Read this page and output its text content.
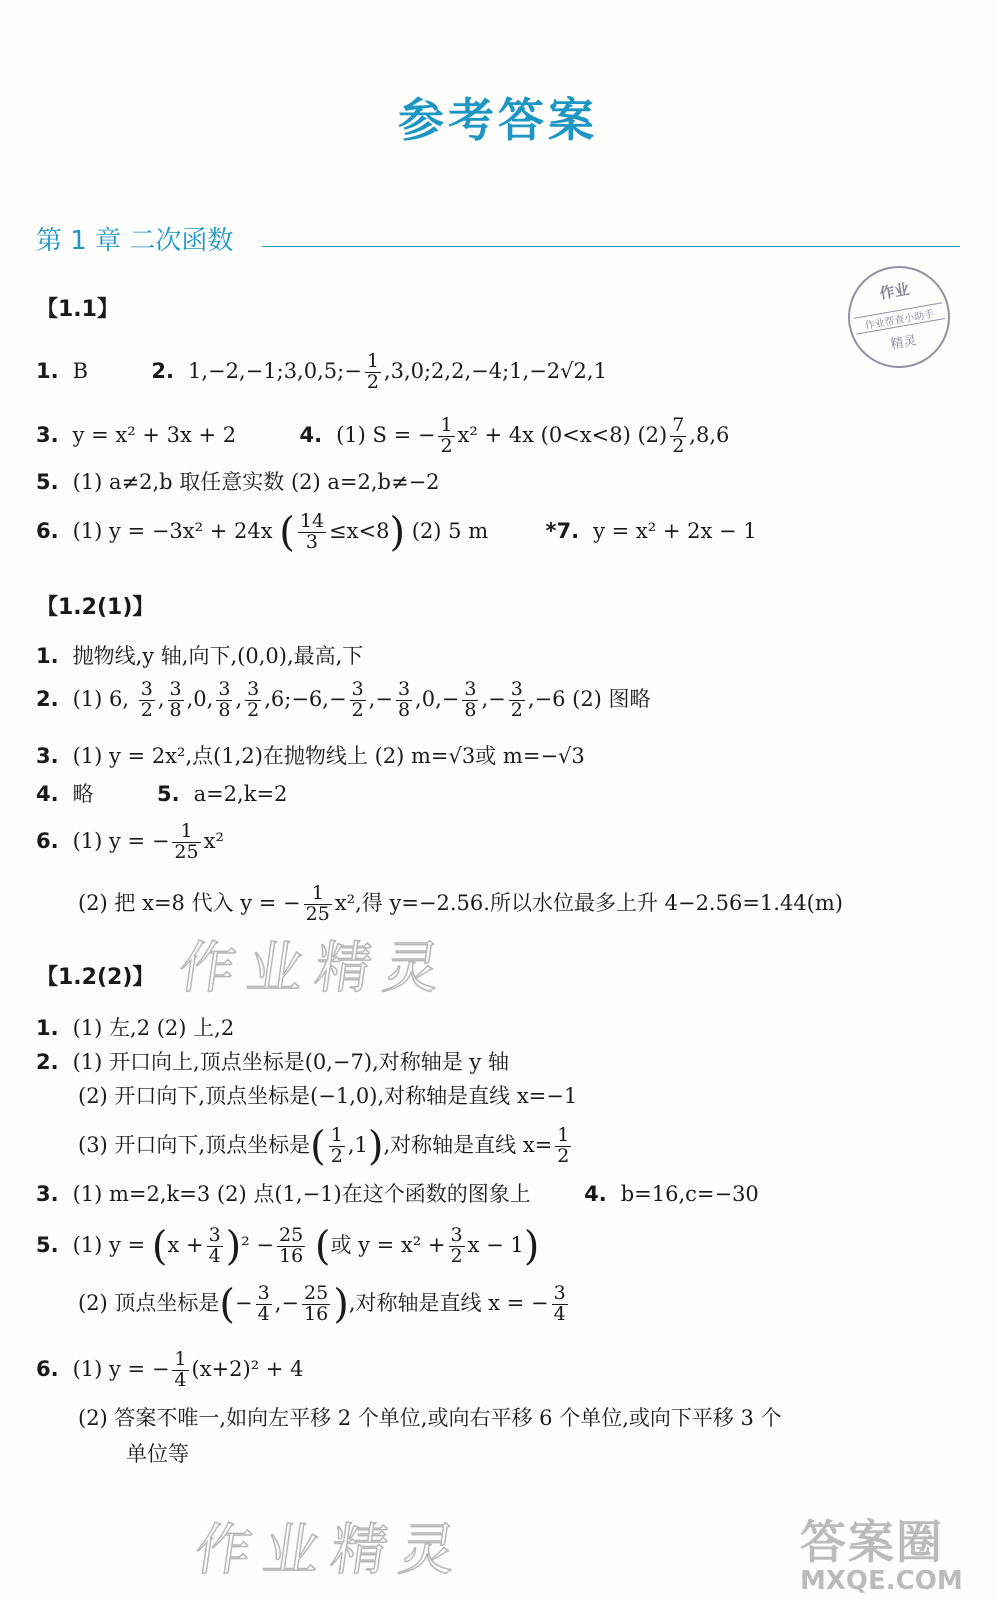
参考答案
第 1 章 二次函数
作业
作业帮查小助手
精灵
【1.1】
1. B	2. 1,−2,−1;3,0,5;− $\frac{1}{2}$ ,3,0;2,2,−4;1,−2√2,1
3. y = x² + 3x + 2	4. (1) S = − $\frac{1}{2} x^2 + 4x$ (0<x<8) $(2) \frac{7}{2} ,8,6$
5. (1) a≠2,b 取任意实数 (2) a=2,b≠−2
6. (1) y = −3x² + 24x ( $\frac{14}{3} \le x<8$) (2) 5 m	*7. y = x² + 2x − 1
【1.2(1)】
1. 抛物线,y 轴,向下,(0,0),最高,下
2. (1) 6, $\frac{3}{2}$ , $\frac{3}{8} ,0$, $\frac{3}{8}$ , $\frac{3}{2}$ ,6;−6,− $\frac{3}{2}$ ,− $\frac{3}{8} ,0,- \frac{3}{8}$ ,− $\frac{3}{2} ,-6$ (2) 图略
3. (1) y = 2x²,点(1,2)在抛物线上 (2) m=√3或 m=−√3
4. 略	5. a=2,k=2
6. (1) y = − $\frac{1}{25} x^2$
(2) 把 x=8 代入 y = − $\frac{1}{25} x^2$,得 y=−2.56.所以水位最多上升 4−2.56=1.44(m)
作业精灵
【1.2(2)】
1. (1) 左,2 (2) 上,2
2. (1) 开口向上,顶点坐标是(0,−7),对称轴是 y 轴
(2) 开口向下,顶点坐标是(−1,0),对称轴是直线 x=−1
(3) 开口向下,顶点坐标是( $\frac{1}{2} ,1$),对称轴是直线 $x= \frac{1}{2}$
3. (1) m=2,k=3 (2) 点(1,−1)在这个函数的图象上	4. b=16,c=−30
5. (1) $y = (x + \frac{3}{4} )^2 - \frac{25}{16}$ (或 $y = x^2 + \frac{3}{2}$ x − 1)
(2) 顶点坐标是(− $\frac{3}{4}$ ,− $\frac{25}{16}$ ),对称轴是直线 x = − $\frac{3}{4}$
6. (1) y = − $\frac{1}{4} (x+2)^2 + 4$
(2) 答案不唯一,如向左平移 2 个单位,或向右平移 6 个单位,或向下平移 3 个
单位等
作业精灵	答案圈
MXQE.COM
